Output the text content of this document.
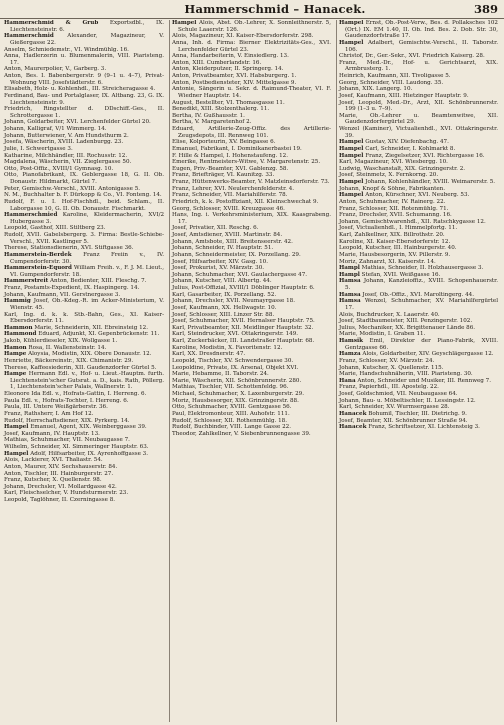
Hammerschmid – Hanacek.	389

Hammerschmid & Grub Exportsdbl., IX. Liechtensteinstr. 6.

Hammerschmid Alexander, Magazineur, V. Gießergasse 22.

Anselm, Schmiedemstr., VI. Windmühlg. 16.

Anna, Hadlerzerin u. Blumenmalerin, VIII. Piaristeng. 17.

Anton, Maurerpolier, V., Garberg. 3.

Anton, Bes. I. Babenbergerstr. 9 (9–1 u. 4–7), Privat-Wohnung VIII. Josefstädterstr. 6.

Elisabeth, Holz- u. Kohlenhdl., III. Streicheragasse 4.

Ferdinand, Bau- und Portalglaser, IX. Altbang. 23, G. IX. Liechtensteinstr. 9.

Friedrich, Ringstellter d. DDschiff.-Ges., II. Schrottergasse 1.

Johann, Goldarbeiter, XVI. Lerchenfelder Gürtel 20.

Johann, Kalligraf, V/1 Wimmerg. 14.

Johann, Butterwiener, V. Am Hundsthurm 2.

Josefa, Wäscherin, XVIII. Ladenburgg. 23.

Julie, I. Schwertgasse 3.

Katharine, Milchhändler, III. Rochusstr. 12.

Magdalena, Wäscherin, VII. Zieglergasse 50.

Otto, Post-Offiz., XVIII/1 Gymnasg. 10.

Otto, Pianofabrikant, IX. Geblergasse 18, G. II. Ob. Donaustr. Hildmarkt, Gürtel 7.

Peter, Gemischw.-Verschl., XVIII. Antonigasse 5.

N. M., Buchhalter b. F. Dürkopp & Co., VI. Fonteng. 14.

Rudolf, F. u. I. Hof-Fischhdl., beid. Schlam., II. Laborgasse 10, G. II. Ob. Donaustr. Fischmarkt.

Hammerschmied Karoline, Kleidermacherin, XVI/2 Hubergasse 3.

Leopold, Gasthof, XIII. Stiltberg 23.

Rudolf, XVII. Gabelsbergerg. 3. Firma: Bestle-Schiebe-Verschl., XVII. Kastlinger 5.

Therese, Stationsdienerin, XVI. Stiftgasse 36.

Hammerstein-Berdek Franz Freiin v., IV. Cumpendorferstr. 30.

Hammerstein-Equord William Freih. v., F. J. M. Lieut., VI. Gumpendorferstr. 18.

Hammerstreit Anton, Bedienter, XIII. Fleschg. 7.

Franz, Postamts-Expedient, IX. Haspingerg. 14.

Johann, Kaufmann, VII. Gerstnergasse 3.

Hammig Josef, Ob.-Kdeg.-R. im Acker-Ministerium, V. Wienstr. 45.

Karl, Ing. d. k. k. Stb.-Bahn, Ges., XI. Kaiser-Ebersdorferstr. 11.

Hammon Marie, Schneiderin, XII. Ebreinsteig 12.

Hammond Eduard, Adjunkt, XI. Gepenbrückenstr. 11.

Jakob, Kühlerdieseler, XIX. Wollgasse 1.

Hamon Rosa, II. Wallensteinstr. 14.

Hampe Aloysia, Modistin, XIX. Obere Donaustr. 12.

Henriette, Bäckereinstr., XIX. Chimanistr. 29.

Therese, Kaffeesiederin, XII. Gaudenzdorfer Gürtel 5.

Hampe Hermann Edl. v., Hof- u. Lieut.-Hauptm. furth. Liechtenstein'scher Gutsrat. a. D., kais. Rath, Pöllerg. 1, Liechtenstein'scher Palais, Wallnerstr. 1.

Eleonore Ida Edl. v., Hofrats-Gattin, I. Herreng. 6.

Paula Edl. v., Hofrats-Tochter, I. Herreng. 6.

Paula, III. Untere Weißgärberstr. 36.

Franz, Rathsherr, I. Am Hof 12.

Rudolf, Herrschaftsdiener, XIX. Pyrkerg. 14.

Hampel Emanuel, Agent, XIX. Weinberggasse 39.

Josef, Kaufmann, IV. Hauptstr. 13.

Mathias, Schuhmacher, VII. Neubaugasse 7.

Wilhelm, Schneider, XI. Simmeringer Hauptstr. 63.

Hampel Adolf, Hilfsarbeiter, IX. Ayrenhoffgasse 3.

Alois, Lackierer, XVI. Thaliastr. 54.

Anton, Maurer, XIV. Sechshauserstr. 84.

Anton, Tischler, III. Hainburgerstr. 27.

Franz, Kutscher, X. Quellenstr. 98.

Johann, Drechsler, VI. Mollardgasse 42.

Karl, Fleischselcher, V. Hundsturmerstr. 23.

Leopold, Taglöhner, II. Czerningasse 8.

Hampel Alois, Abst. Ob.-Lehrer, X. Sonnleithnerstr. 5, Schule Laaerstr. 126.

Alois, Magazineur, XI. Kaiser-Ebersdorferstr. 298.

Anna, Inh. d. Firma: Bierner Elektrizitäts-Ges., XVI. Lerchenfelder Gürtel 23.

Anna, Handarbeiterin, V. Einsiedlerg. 13.

Anton, XIII. Cumberlandstr. 16.

Anton, Kleiderputzer, II. Springerg. 14.

Anton, Privatbeamter, XVI. Habsburgerg. 1.

Anton, Postbediensteter, XIV. Mittelgasse 9.

Antonie, Sängerin u. Sekr. d. Raimund-Theater, VI. F. Wiedner Hauptstr. 14.

August, Bestellter, VI. Thomasgasse 11.

Benedikt, XIII. Stolzenthalerg. 11.

Bertha, IV. Gußhausstr. 1.

Bertha, V. Margaretenhof 2.

Eduard, Artillerie-Zeug-Offiz. des Artillerie-Zeugsdepots, III. Rennweg 101.

Elise, Kolporteurin, XV. Beingasse 6.

Emanuel, Fabrikant, I. Dominikanerbastei 19.

F. Hille & Hampel, I. Hohenstaufeng. 12.

Emerike, Rentmeisters-Witwe, V. Margaretenstr. 25.

Eugen, Priv.-Beamter, XVI. Gablenzg. 58.

Franz, Briefträger, VI. Kaunitzg. 33.

Franz, Hüttenwerks-Beamter, V. Matzleinsdorferstr. 73.

Franz, Lehrer, XVI. Neulerchenfelderstr. 4.

Franz, Schneider, VII. Mariahilferstr. 78.

Friedrich, k. k. Postoffiziant, XII. Kleinschwechat 9.

Georg, Schlosser, XVIII. Kreuzgasse 46.

Hans, Ing. i. Verkehrsministerium, XIX. Kaasgrabeng. 17.

Josef, Privatier, XII. Reschg. 6.

Josef, Amtsdiener, XVIII. Martinstr. 84.

Johann, Amtsbote, XIII. Breitenseerstr. 42.

Johann, Schneider, IV. Hauptstr. 51.

Johann, Schneidermeister, IX. Porzellang. 29.

Josef, Hilfsarbeiter, XIV. Gasg. 10.

Josef, Prokurist, XV. Märzstr. 30.

Johann, Schuhmacher, XVI. Gaulachergasse 47.

Johann, Kutscher, VIII. Albertg. 44.

Julius, Post-Offizial, XVIII/1 Döblinger Hauptstr. 6.

Karl, Gasarbeiter, IX. Porzellang. 52.

Johann, Drechsler, XVII. Neumayrgasse 18.

Josef, Kaufmann, XX. Hellwagstr. 10.

Josef, Schlosser, XIII. Linzer Str. 88.

Josef, Schuhmacher, XVII. Hernalser Hauptstr. 75.

Karl, Privatbeamter, XII. Meidlinger Hauptstr. 32.

Karl, Steindrucker, XVI. Ottakringerstr. 149.

Karl, Zuckerbäcker, III. Landstraßer Hauptstr. 68.

Karoline, Modistin, X. Favoritenstr. 12.

Karl, XX. Dresdnerstr. 47.

Leopold, Tischler, XV. Schwendergasse 30.

Leopoldine, Private, IX. Arsenal, Objekt XVI.

Marie, Hebamme, II. Taborstr. 24.

Marie, Wäscherin, XII. Schönbrunnerstr. 280.

Mathias, Tischler, VII. Schottenfeldg. 96.

Michael, Schuhmacher, X. Laxenburgerstr. 29.

Moriz, Hausbesorger, XIX. Grinzingerstr. 88.

Otto, Schuhmacher, XVIII. Gentzgasse 56.

Paul, Elektromonteur, XIII. Auhofstr. 111.

Rudolf, Schlosser, XII. Rothenmühlg. 18.

Rudolf, Buchbinder, VIII. Lange Gasse 22.

Theodor, Zahlkellner, V. Siebenbrunnengasse 39.

Hampel Ernst, Ob.-Post-Verw., Bes. d. Pollaksches 102 (Ort.) IX. EM 1.40, II. Ob. Ind. Bes. 2. Dob. Str. 30, Gaudenzdorfstraße 17.

Hampel Adalbert, Gemischtw.-Verschl., II. Taborstr. 106.

Christof, Dr., Ger.-Sekr., XVI. Friedrich Kaiserg. 28.

Franz, Med.-Dr., Hof- u. Gerichtsarzt, XIX. Armbrusterg. 1.

Heinrich, Kaufmann, XII. Tivoligasse 5.

Georg, Schneider, VIII. Laudong. 35.

Johann, XIX. Langerg. 10.

Josef, Kaufmann, XIII. Hietzinger Hauptstr. 9.

Josef, Leopold, Med.-Dr., Arzt, XII. Schönbrunnerstr. 199 (1–3 u. 7–9).

Marie, Ob.-Lehrer u. Beamtenwitwe, XII. Gaudenzdorfergürtel 29.

Wenzel (Kaminer), Victualienhdl., XVI. Ottakringerstr. 39.

Hampel Gustav, XIV. Diefenbachg. 47.

Hampel Carl, Schneider, I. Kohlmarkt 8.

Hampel Franz, Ziegelsetzer, XVI. Richtergasse 16.

Karl, Magazineur, XVI. Wiesbergg. 10.

Ludwig, Waschanstalt, XIX. Grinzingerstr. 2.

Josef, Steinmetz, X. Fernkorng. 20.

Hampel Johann, Kohlenhändler, XVIII. Weimarerstr. 5.

Johann, Knopf & Söhne, Fabrikanten.

Hampel Anton, Kürschner, XVI. Neuberg. 53.

Anton, Schuhmacher, IV. Rainerg. 22.

Franz, Schlosser, XII. Rotenmühlg. 71.

Franz, Drechsler, XVII. Schumanng. 16.

Johann, Gemischtwarenhdl., XII. Ratschkygasse 12.

Josef, Victualienhdl., I. Himmelpfortg. 11.

Karl, Zahlkellner, XIX. Billrothstr. 20.

Karoline, XI. Kaiser-Ebersdorferstr. 12.

Leopold, Kutscher, III. Hainburgerstr. 40.

Marie, Hausbesorgerin, XV. Pillerstr. 9.

Moriz, Zahnarzt, XI. Kaiserstr. 14.

Hampl Mathias, Schneider, II. Holzhausergasse 3.

Hampl Stefan, XVII. Weißgasse 16.

Hamsa Johann, Kanzleioffiz., XVIII. Schopenhauerstr. 5.

Hamsa Josef, Ob.-Offiz., XVI. Maroltingerg. 44.

Hamsa Wenzel, Schuhmacher, XV. Mariahilfergürtel 17.

Alois, Buchdrucker, X. Laaerstr. 40.

Josef, Stadtbaumeister, XIII. Penzingerstr. 102.

Julius, Mechaniker, XX. Brigittenauer Lände 86.

Marie, Modistin, I. Graben 11.

Hamsik Emil, Direktor der Piano-Fabrik, XVIII. Gentzgasse 66.

Hamza Alois, Goldarbeiter, XIV. Geyschlägergasse 12.

Franz, Schlosser, XV. Märzstr. 24.

Johann, Kutscher, X. Quellenstr. 115.

Marie, Handschuhnäherin, VIII. Piaristeng. 30.

Hana Anton, Schneider und Musiker, III. Rennweg 7.

Franz, Papierhdl., III. Apostelg. 22.

Josef, Goldschmied, VII. Neubaugasse 64.

Johann, Bau- u. Möbeltischler, II. Lessingstr. 12.

Karl, Schneider, XV. Wurmsergasse 28.

Hanacek Bohumil, Tischler, III. Dietrichg. 9.

Josef, Beamter, XII. Schönbrunner Straße 94.

Hanacek Franz, Schriftsetzer, XI. Lichtensteig 3.
